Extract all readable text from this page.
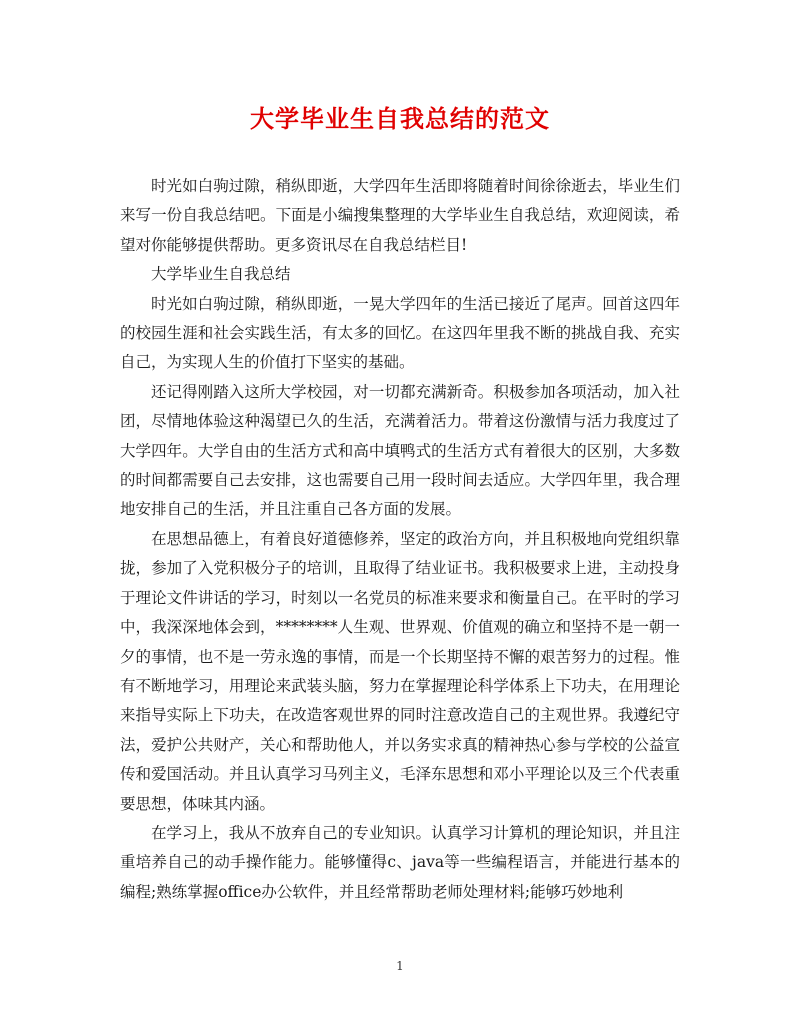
大学毕业生自我总结的范文

时光如白驹过隙，稍纵即逝，大学四年生活即将随着时间徐徐逝去，毕业生们来写一份自我总结吧。下面是小编搜集整理的大学毕业生自我总结，欢迎阅读，希望对你能够提供帮助。更多资讯尽在自我总结栏目!

大学毕业生自我总结

时光如白驹过隙，稍纵即逝，一晃大学四年的生活已接近了尾声。回首这四年的校园生涯和社会实践生活，有太多的回忆。在这四年里我不断的挑战自我、充实自己，为实现人生的价值打下坚实的基础。

还记得刚踏入这所大学校园，对一切都充满新奇。积极参加各项活动，加入社团，尽情地体验这种渴望已久的生活，充满着活力。带着这份激情与活力我度过了大学四年。大学自由的生活方式和高中填鸭式的生活方式有着很大的区别，大多数的时间都需要自己去安排，这也需要自己用一段时间去适应。大学四年里，我合理地安排自己的生活，并且注重自己各方面的发展。

在思想品德上，有着良好道德修养，坚定的政治方向，并且积极地向党组织靠拢，参加了入党积极分子的培训，且取得了结业证书。我积极要求上进，主动投身于理论文件讲话的学习，时刻以一名党员的标准来要求和衡量自己。在平时的学习中，我深深地体会到，********人生观、世界观、价值观的确立和坚持不是一朝一夕的事情，也不是一劳永逸的事情，而是一个长期坚持不懈的艰苦努力的过程。惟有不断地学习，用理论来武装头脑，努力在掌握理论科学体系上下功夫，在用理论来指导实际上下功夫，在改造客观世界的同时注意改造自己的主观世界。我遵纪守法，爱护公共财产，关心和帮助他人，并以务实求真的精神热心参与学校的公益宣传和爱国活动。并且认真学习马列主义，毛泽东思想和邓小平理论以及三个代表重要思想，体味其内涵。

在学习上，我从不放弃自己的专业知识。认真学习计算机的理论知识，并且注重培养自己的动手操作能力。能够懂得c、java等一些编程语言，并能进行基本的编程;熟练掌握office办公软件，并且经常帮助老师处理材料;能够巧妙地利

1
